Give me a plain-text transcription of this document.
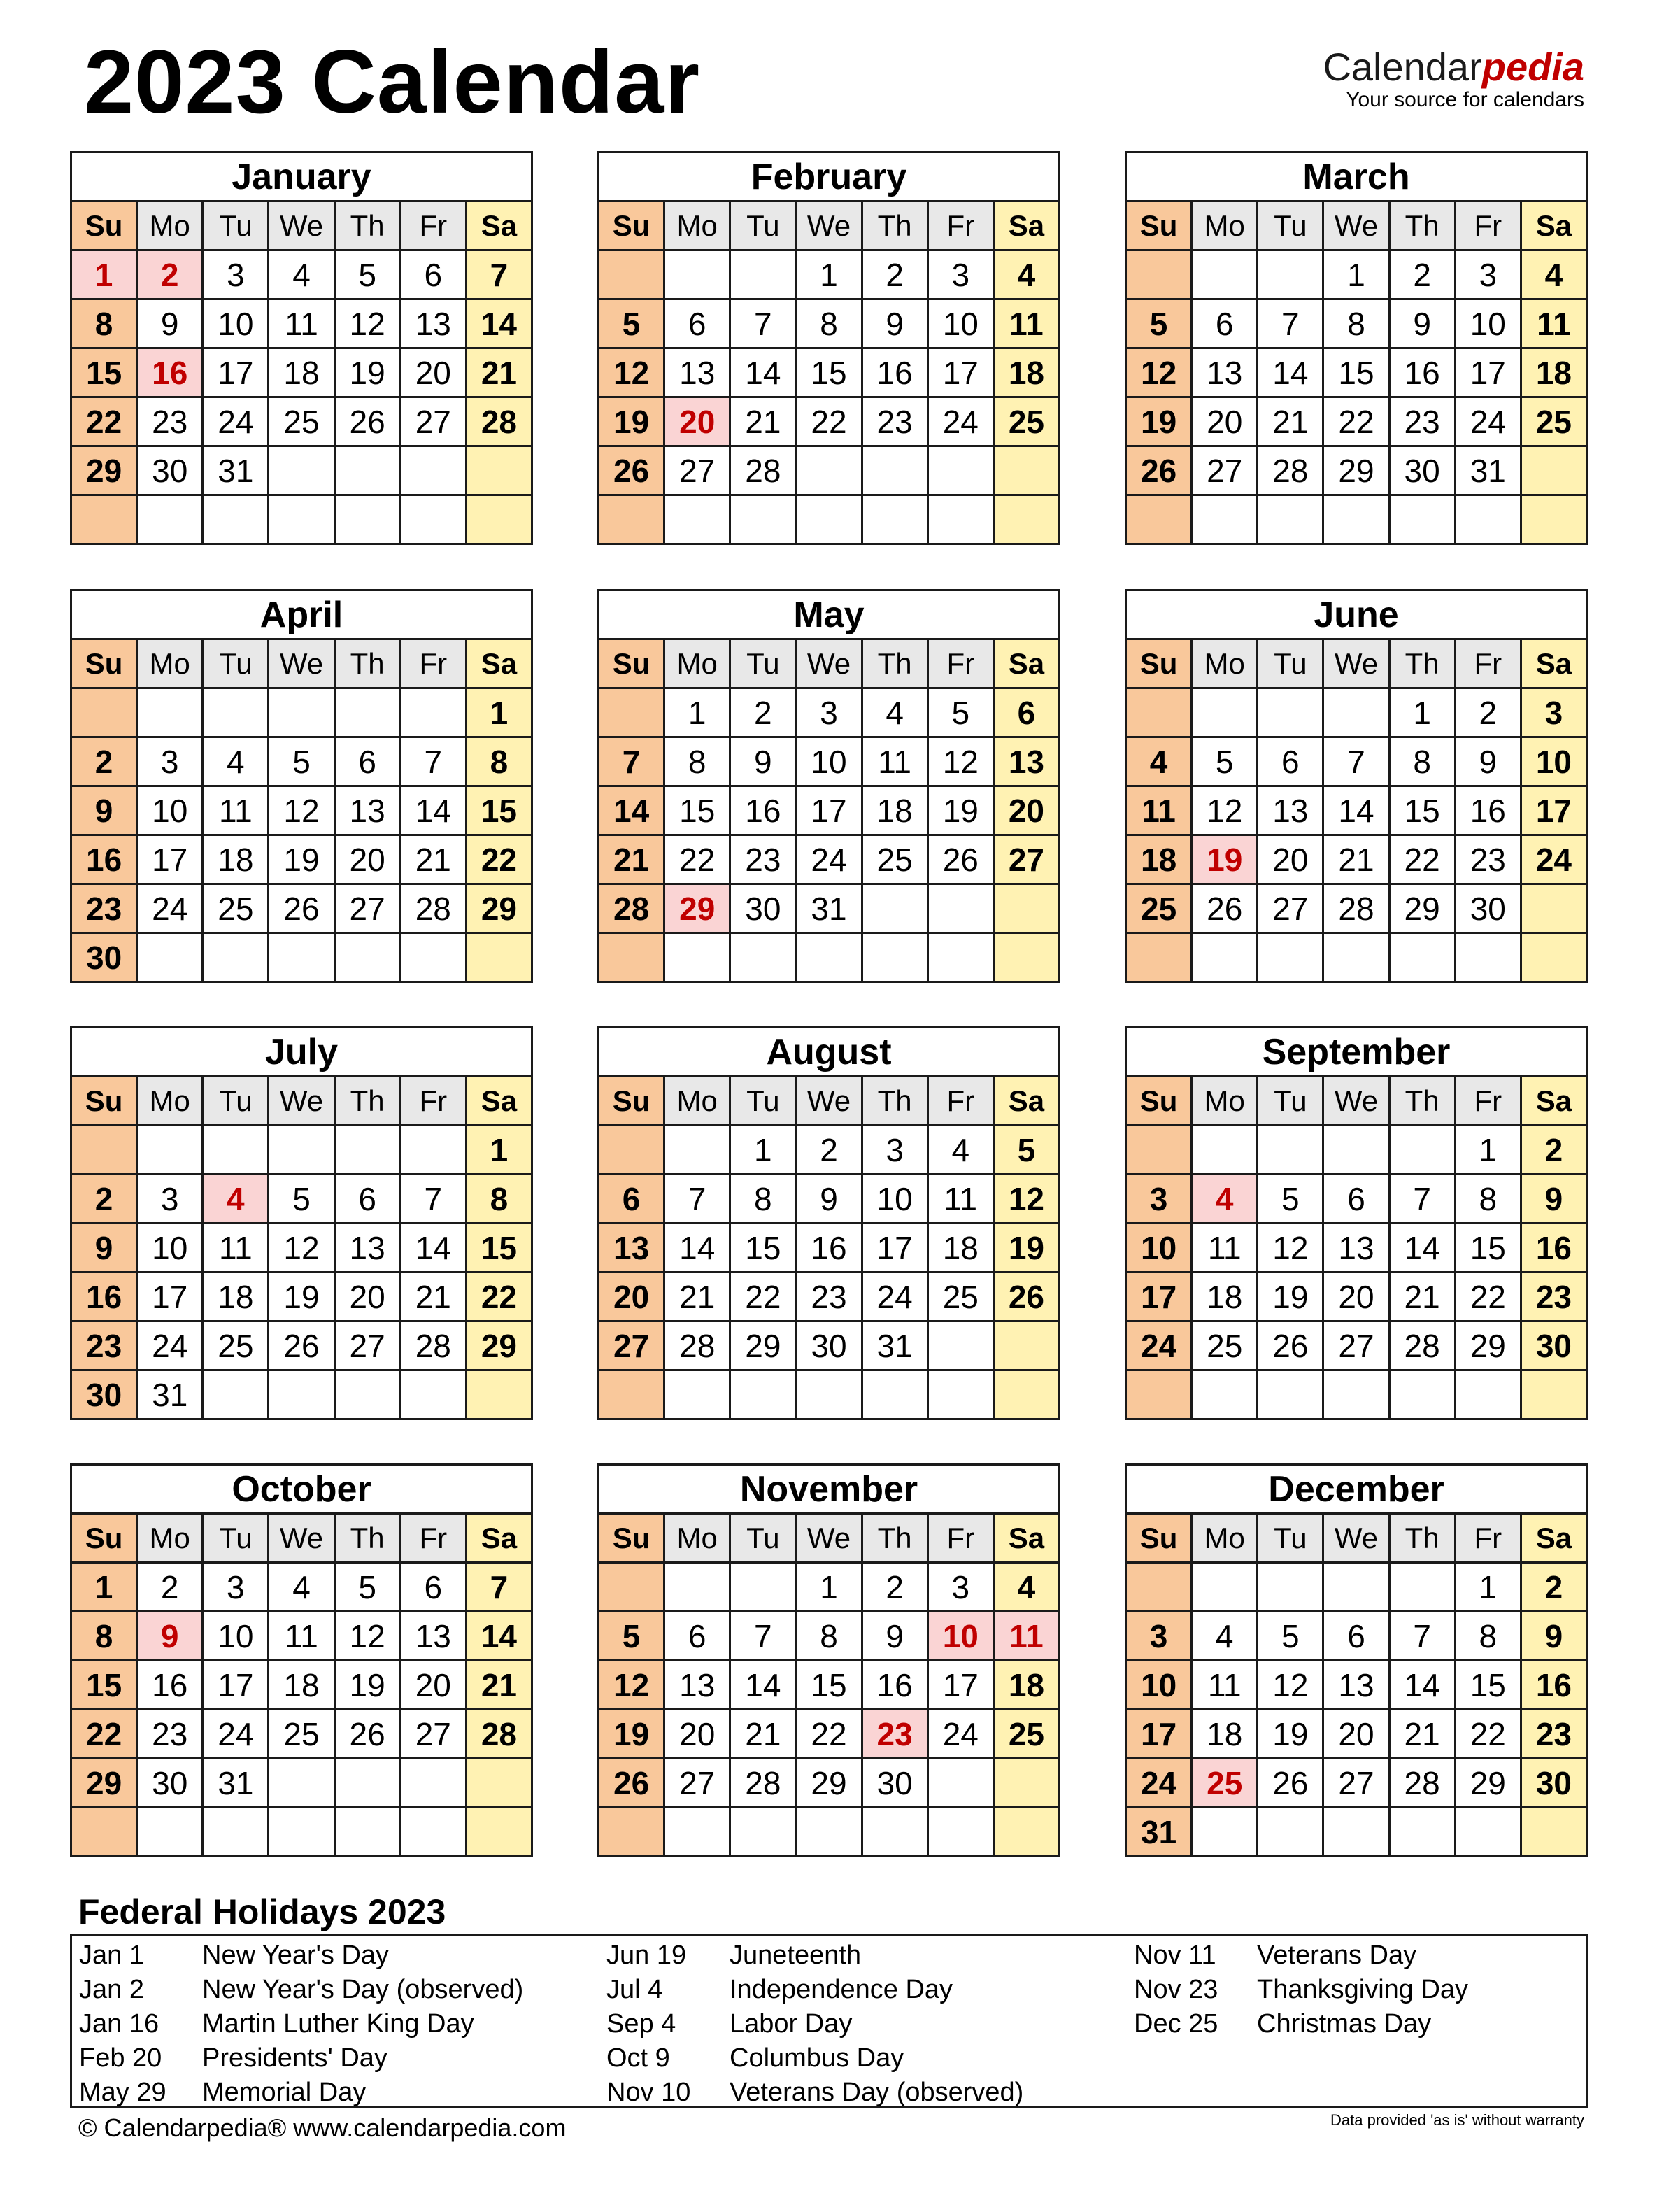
2023 Calendar	Calendarpedia
Your source for calendars
January						
Su	Mo	Tu	We	Th	Fr	Sa
1	2	3	4	5	6	7
8	9	10	11	12	13	14
15	16	17	18	19	20	21
22	23	24	25	26	27	28
29	30	31				

February						
Su	Mo	Tu	We	Th	Fr	Sa
			1	2	3	4
5	6	7	8	9	10	11
12	13	14	15	16	17	18
19	20	21	22	23	24	25
26	27	28				

March						
Su	Mo	Tu	We	Th	Fr	Sa
			1	2	3	4
5	6	7	8	9	10	11
12	13	14	15	16	17	18
19	20	21	22	23	24	25
26	27	28	29	30	31	

April						
Su	Mo	Tu	We	Th	Fr	Sa
						1
2	3	4	5	6	7	8
9	10	11	12	13	14	15
16	17	18	19	20	21	22
23	24	25	26	27	28	29
30						
May						
Su	Mo	Tu	We	Th	Fr	Sa
	1	2	3	4	5	6
7	8	9	10	11	12	13
14	15	16	17	18	19	20
21	22	23	24	25	26	27
28	29	30	31			

June						
Su	Mo	Tu	We	Th	Fr	Sa
				1	2	3
4	5	6	7	8	9	10
11	12	13	14	15	16	17
18	19	20	21	22	23	24
25	26	27	28	29	30	

July						
Su	Mo	Tu	We	Th	Fr	Sa
						1
2	3	4	5	6	7	8
9	10	11	12	13	14	15
16	17	18	19	20	21	22
23	24	25	26	27	28	29
30	31					
August						
Su	Mo	Tu	We	Th	Fr	Sa
		1	2	3	4	5
6	7	8	9	10	11	12
13	14	15	16	17	18	19
20	21	22	23	24	25	26
27	28	29	30	31		

September						
Su	Mo	Tu	We	Th	Fr	Sa
					1	2
3	4	5	6	7	8	9
10	11	12	13	14	15	16
17	18	19	20	21	22	23
24	25	26	27	28	29	30

October						
Su	Mo	Tu	We	Th	Fr	Sa
1	2	3	4	5	6	7
8	9	10	11	12	13	14
15	16	17	18	19	20	21
22	23	24	25	26	27	28
29	30	31				

November						
Su	Mo	Tu	We	Th	Fr	Sa
			1	2	3	4
5	6	7	8	9	10	11
12	13	14	15	16	17	18
19	20	21	22	23	24	25
26	27	28	29	30		

December						
Su	Mo	Tu	We	Th	Fr	Sa
					1	2
3	4	5	6	7	8	9
10	11	12	13	14	15	16
17	18	19	20	21	22	23
24	25	26	27	28	29	30
31						
Federal Holidays 2023
Jan 1	New Year's Day
Jan 2	New Year's Day (observed)
Jan 16	Martin Luther King Day
Feb 20	Presidents' Day
May 29	Memorial Day
Jun 19	Juneteenth
Jul 4	Independence Day
Sep 4	Labor Day
Oct 9	Columbus Day
Nov 10	Veterans Day (observed)
Nov 11	Veterans Day
Nov 23	Thanksgiving Day
Dec 25	Christmas Day
© Calendarpedia® www.calendarpedia.com	Data provided 'as is' without warranty
